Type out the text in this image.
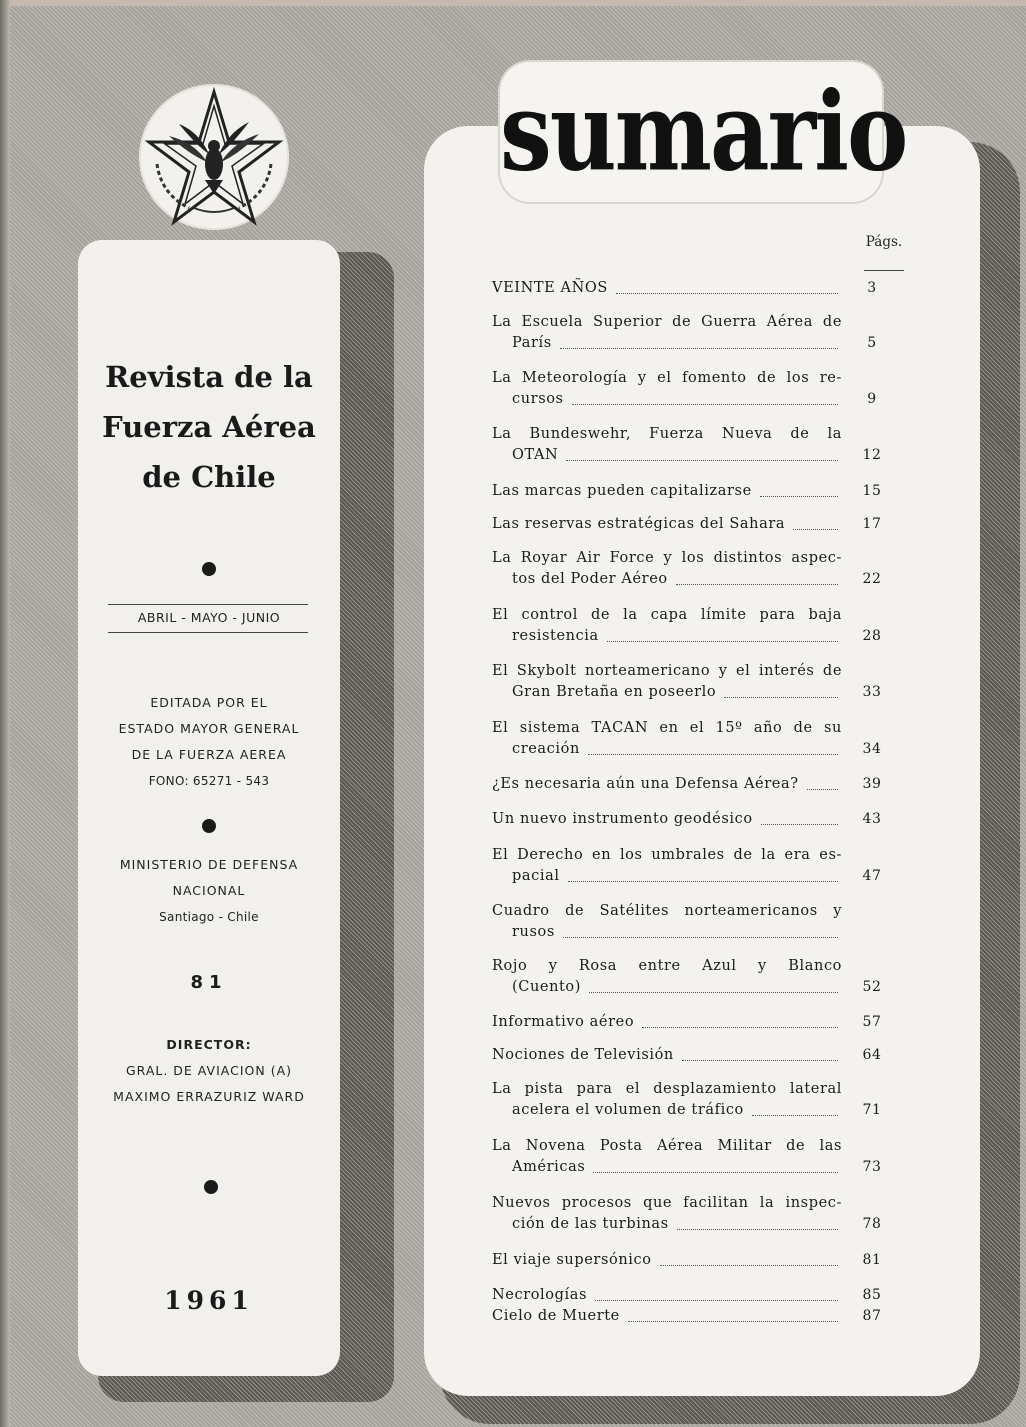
Revista de la
Fuerza Aérea
de Chile
ABRIL - MAYO - JUNIO
EDITADA POR EL
ESTADO MAYOR GENERAL
DE LA FUERZA AEREA
FONO: 65271 - 543
MINISTERIO DE DEFENSA
NACIONAL
Santiago - Chile
81
DIRECTOR:
GRAL. DE AVIACION (A)
MAXIMO ERRAZURIZ WARD
1961
sumario
Págs.
VEINTE AÑOS	3
La Escuela Superior de Guerra Aérea de
París	5
La Meteorología y el fomento de los re-
cursos	9
La Bundeswehr, Fuerza Nueva de la
OTAN	12
Las marcas pueden capitalizarse	15
Las reservas estratégicas del Sahara	17
La Royar Air Force y los distintos aspec-
tos del Poder Aéreo	22
El control de la capa límite para baja
resistencia	28
El Skybolt norteamericano y el interés de
Gran Bretaña en poseerlo	33
El sistema TACAN en el 15º año de su
creación	34
¿Es necesaria aún una Defensa Aérea?	39
Un nuevo instrumento geodésico	43
El Derecho en los umbrales de la era es-
pacial	47
Cuadro de Satélites norteamericanos y
rusos
Rojo y Rosa entre Azul y Blanco
(Cuento)	52
Informativo aéreo	57
Nociones de Televisión	64
La pista para el desplazamiento lateral
acelera el volumen de tráfico	71
La Novena Posta Aérea Militar de las
Américas	73
Nuevos procesos que facilitan la inspec-
ción de las turbinas	78
El viaje supersónico	81
Necrologías	85
Cielo de Muerte	87
